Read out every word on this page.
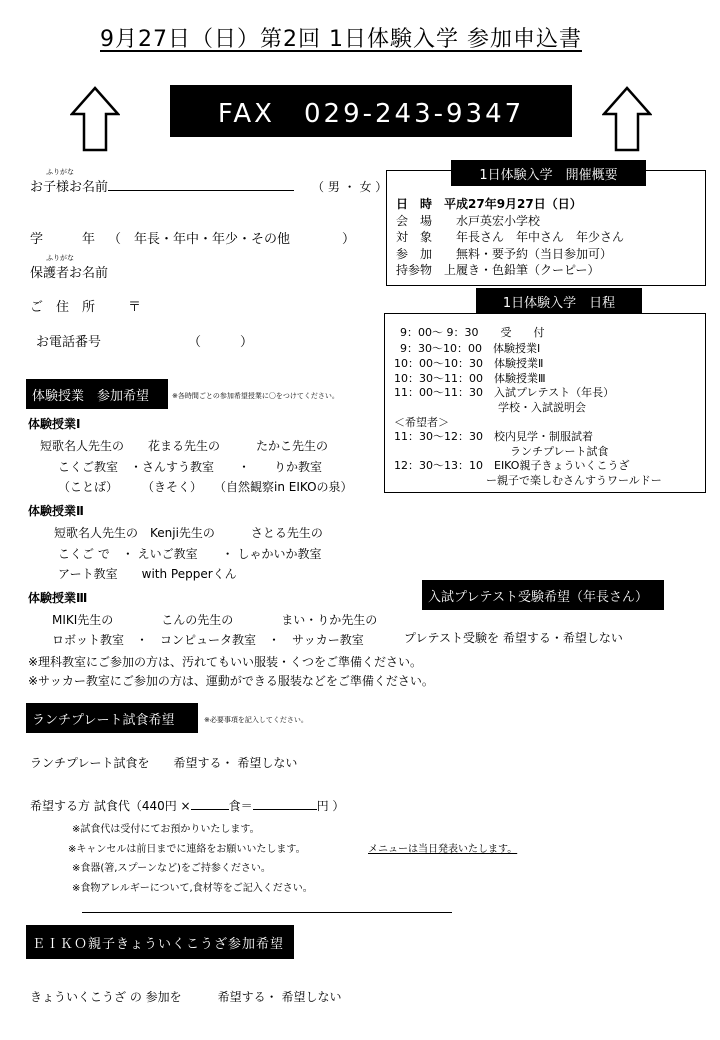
9月27日（日）第2回 1日体験入学 参加申込書
FAX　029-243-9347
ふりがな
お子様お名前	（ 男 ・ 女 ）
学　　　年 （　年長・年中・年少・その他　　　　）
ふりがな
保護者お名前
ご　住　所	〒
お電話番号	（　　　）
1日体験入学　開催概要
日　時　平成27年9月27日（日）
会　場　　水戸英宏小学校
対　象　　年長さん　年中さん　年少さん
参　加　　無料・要予約（当日参加可）
持参物　上履き・色鉛筆（クーピー）
1日体験入学　日程
9：00～ 9：30　　受　　付
9：30～10：00　体験授業Ⅰ
10：00～10：30　体験授業Ⅱ
10：30～11：00　体験授業Ⅲ
11：00～11：30　入試プレテスト（年長）
学校・入試説明会
＜希望者＞
11：30～12：30　校内見学・制服試着
ランチプレート試食
12：30～13：10　EIKO親子きょういくこうざ
ー親子で楽しむさんすうワールドー
体験授業　参加希望	※各時間ごとの参加希望授業に〇をつけてください。
体験授業Ⅰ
短歌名人先生の　　花まる先生の　　　たかこ先生の
こくご教室　・さんすう教室　　・　　りか教室
（ことば）　　　（きそく）　　（自然観察in EIKOの泉）
体験授業Ⅱ
短歌名人先生の　Kenji先生の　　　さとる先生の
こくご で　・ えいご教室　　・ しゃかいか教室
アート教室　　with Pepperくん
体験授業Ⅲ
MIKI先生の　　　　こんの先生の　　　　まい・りか先生の
ロボット教室　・　コンピュータ教室　・　サッカー教室
※理科教室にご参加の方は、汚れてもいい服装・くつをご準備ください。
※サッカー教室にご参加の方は、運動ができる服装などをご準備ください。
入試プレテスト受験希望（年長さん）
プレテスト受験を 希望する・希望しない
ランチプレート試食希望	※必要事項を記入してください。
ランチプレート試食を　　希望する・ 希望しない
希望する方 試食代（440円 ×	食＝	円 ）
※試食代は受付にてお預かりいたします。
※キャンセルは前日までに連絡をお願いいたします。	メニューは当日発表いたします。
※食器(箸,スプーンなど)をご持参ください。
※食物アレルギーについて,食材等をご記入ください。
ＥＩＫＯ親子きょういくこうざ参加希望
きょういくこうざ の 参加を　　　希望する・ 希望しない
